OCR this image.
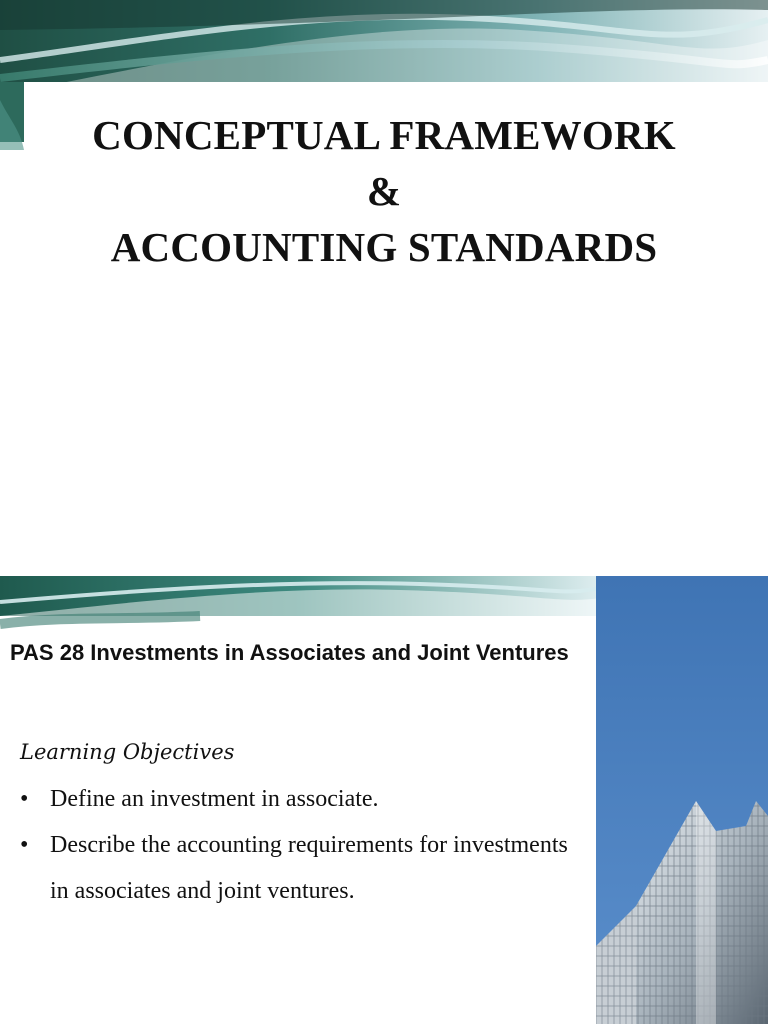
CONCEPTUAL FRAMEWORK
&
ACCOUNTING STANDARDS
PAS 28 Investments in Associates and Joint Ventures
Learning Objectives
• Define an investment in associate.
• Describe the accounting requirements for investments in associates and joint ventures.
